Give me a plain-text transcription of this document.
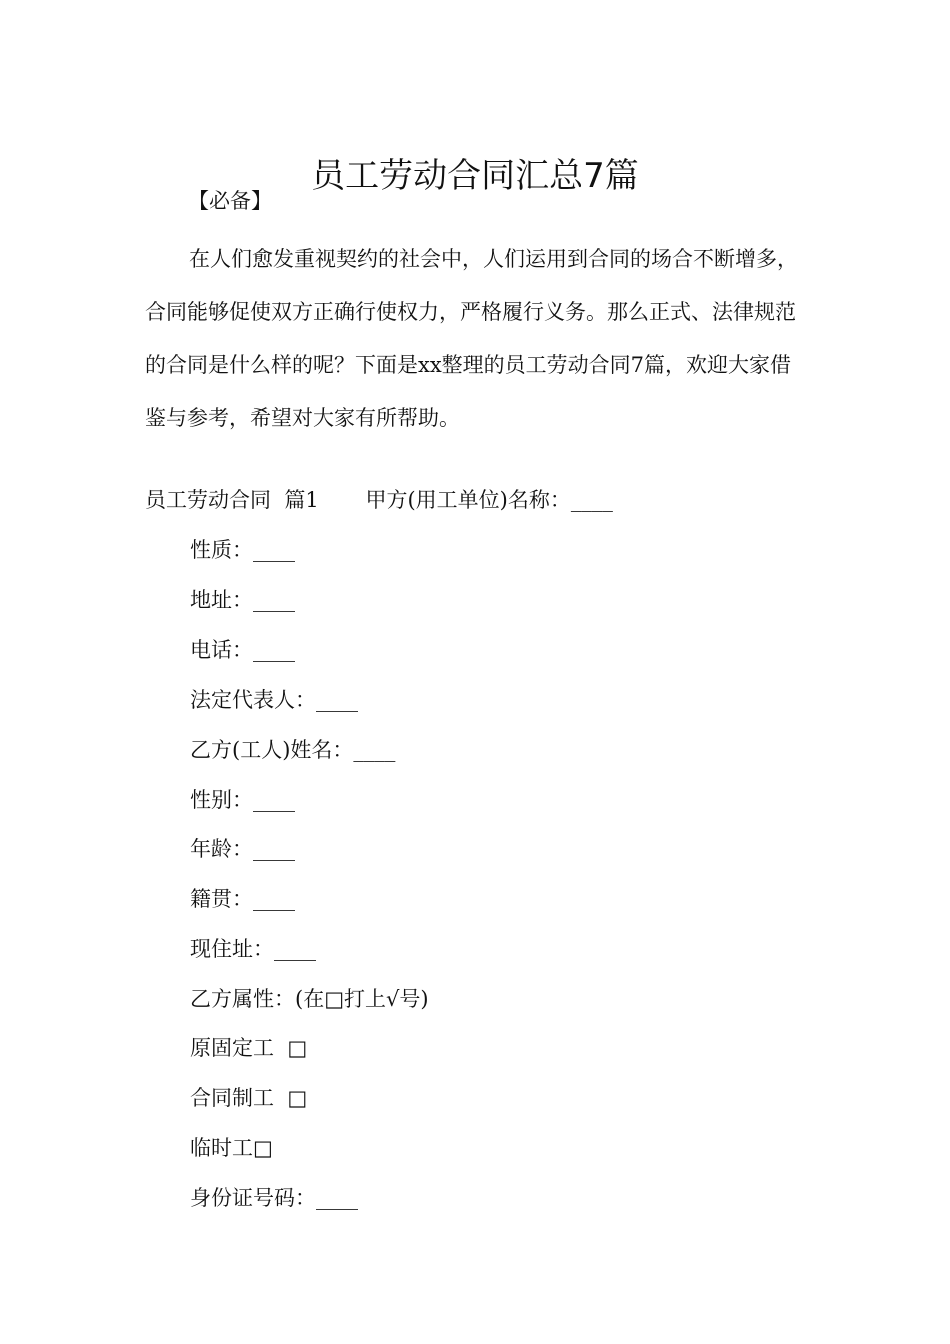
员工劳动合同汇总7篇
【必备】

在人们愈发重视契约的社会中，人们运用到合同的场合不断增多，合同能够促使双方正确行使权力，严格履行义务。那么正式、法律规范的合同是什么样的呢？下面是xx整理的员工劳动合同7篇，欢迎大家借鉴与参考，希望对大家有所帮助。

员工劳动合同  篇1       甲方(用工单位)名称：____
性质：____
地址：____
电话：____
法定代表人：____
乙方(工人)姓名：____
性别：____
年龄：____
籍贯：____
现住址：____
乙方属性：(在□打上√号)
原固定工  □
合同制工  □
临时工□
身份证号码：____
